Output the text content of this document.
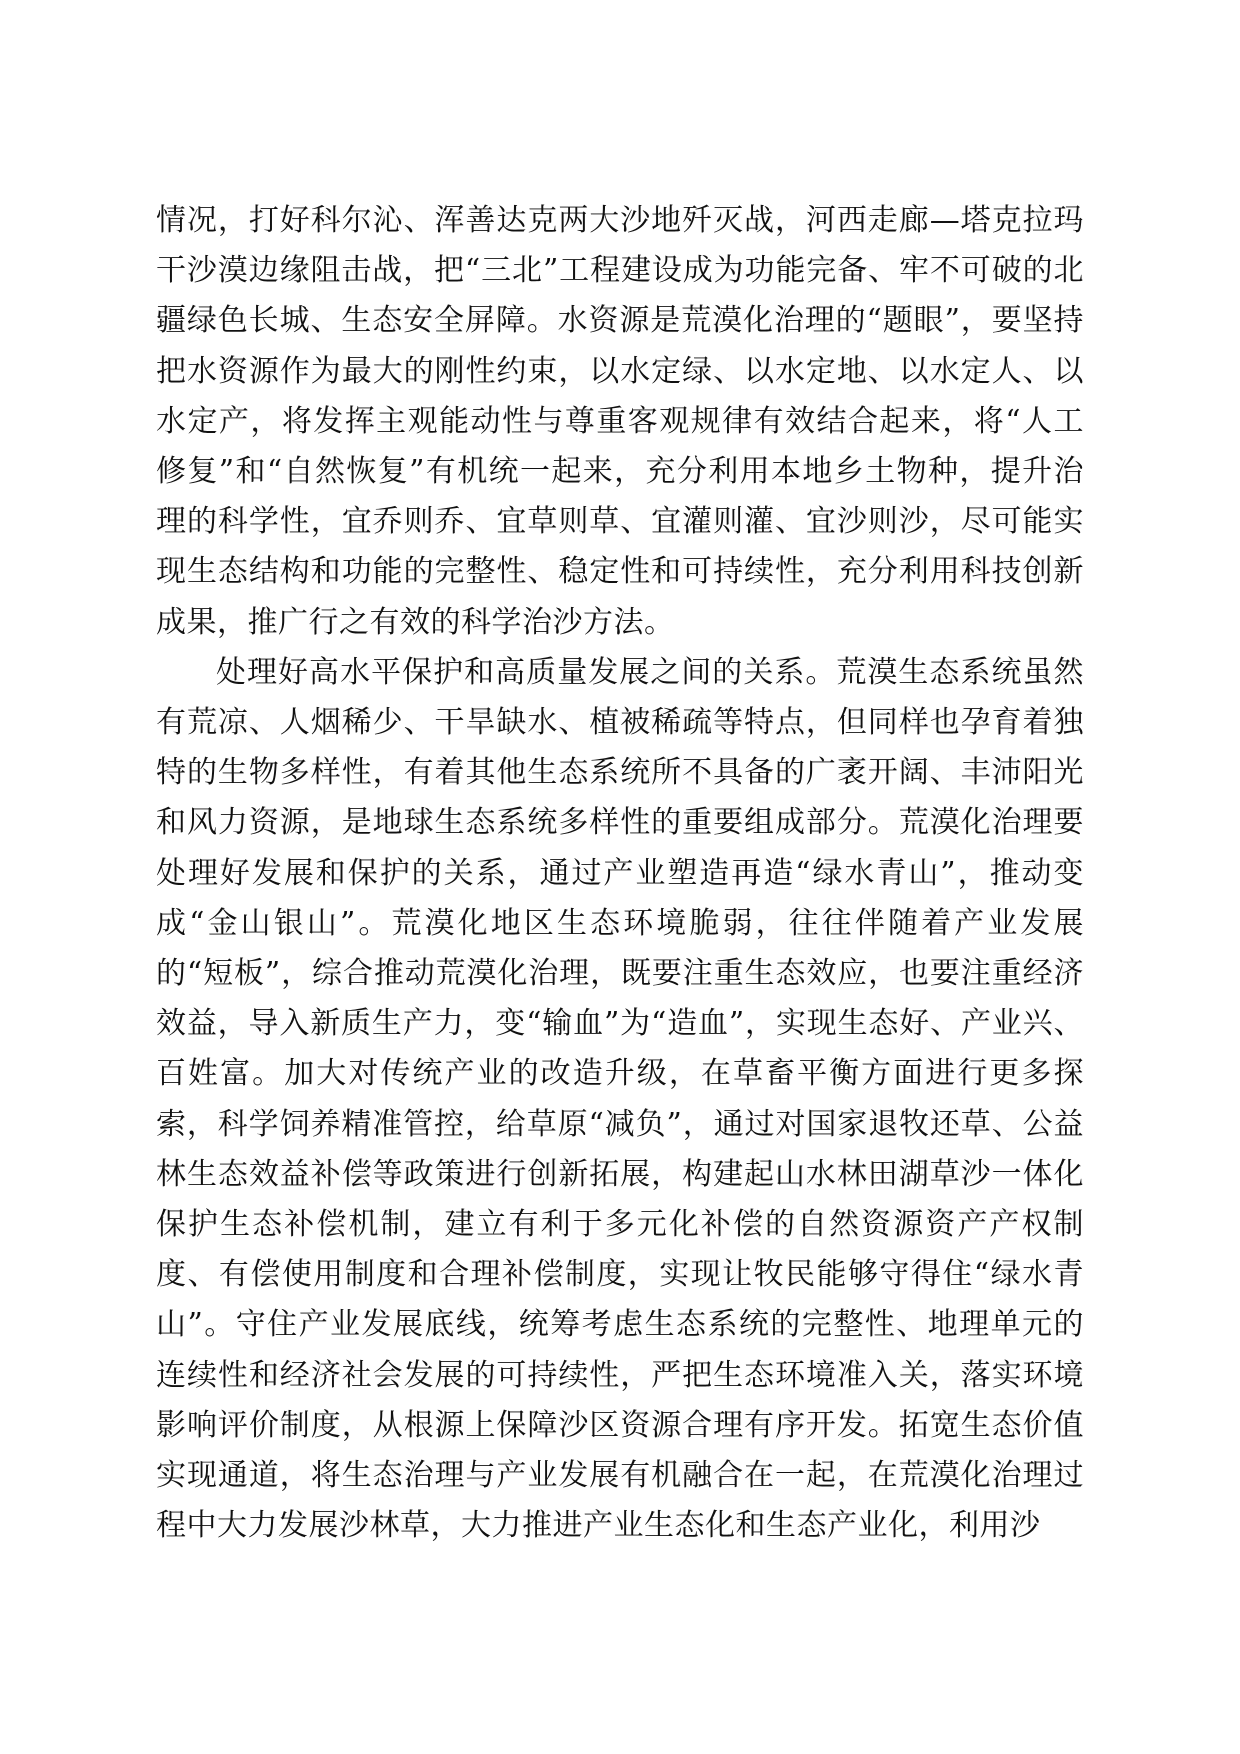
情况，打好科尔沁、浑善达克两大沙地歼灭战，河西走廊—塔克拉玛干沙漠边缘阻击战，把“三北”工程建设成为功能完备、牢不可破的北疆绿色长城、生态安全屏障。水资源是荒漠化治理的“题眼”，要坚持把水资源作为最大的刚性约束，以水定绿、以水定地、以水定人、以水定产，将发挥主观能动性与尊重客观规律有效结合起来，将“人工修复”和“自然恢复”有机统一起来，充分利用本地乡土物种，提升治理的科学性，宜乔则乔、宜草则草、宜灌则灌、宜沙则沙，尽可能实现生态结构和功能的完整性、稳定性和可持续性，充分利用科技创新成果，推广行之有效的科学治沙方法。

处理好高水平保护和高质量发展之间的关系。荒漠生态系统虽然有荒凉、人烟稀少、干旱缺水、植被稀疏等特点，但同样也孕育着独特的生物多样性，有着其他生态系统所不具备的广袤开阔、丰沛阳光和风力资源，是地球生态系统多样性的重要组成部分。荒漠化治理要处理好发展和保护的关系，通过产业塑造再造“绿水青山”，推动变成“金山银山”。荒漠化地区生态环境脆弱，往往伴随着产业发展的“短板”，综合推动荒漠化治理，既要注重生态效应，也要注重经济效益，导入新质生产力，变“输血”为“造血”，实现生态好、产业兴、百姓富。加大对传统产业的改造升级，在草畜平衡方面进行更多探索，科学饲养精准管控，给草原“减负”，通过对国家退牧还草、公益林生态效益补偿等政策进行创新拓展，构建起山水林田湖草沙一体化保护生态补偿机制，建立有利于多元化补偿的自然资源资产产权制度、有偿使用制度和合理补偿制度，实现让牧民能够守得住“绿水青山”。守住产业发展底线，统筹考虑生态系统的完整性、地理单元的连续性和经济社会发展的可持续性，严把生态环境准入关，落实环境影响评价制度，从根源上保障沙区资源合理有序开发。拓宽生态价值实现通道，将生态治理与产业发展有机融合在一起，在荒漠化治理过程中大力发展沙林草，大力推进产业生态化和生态产业化，利用沙
